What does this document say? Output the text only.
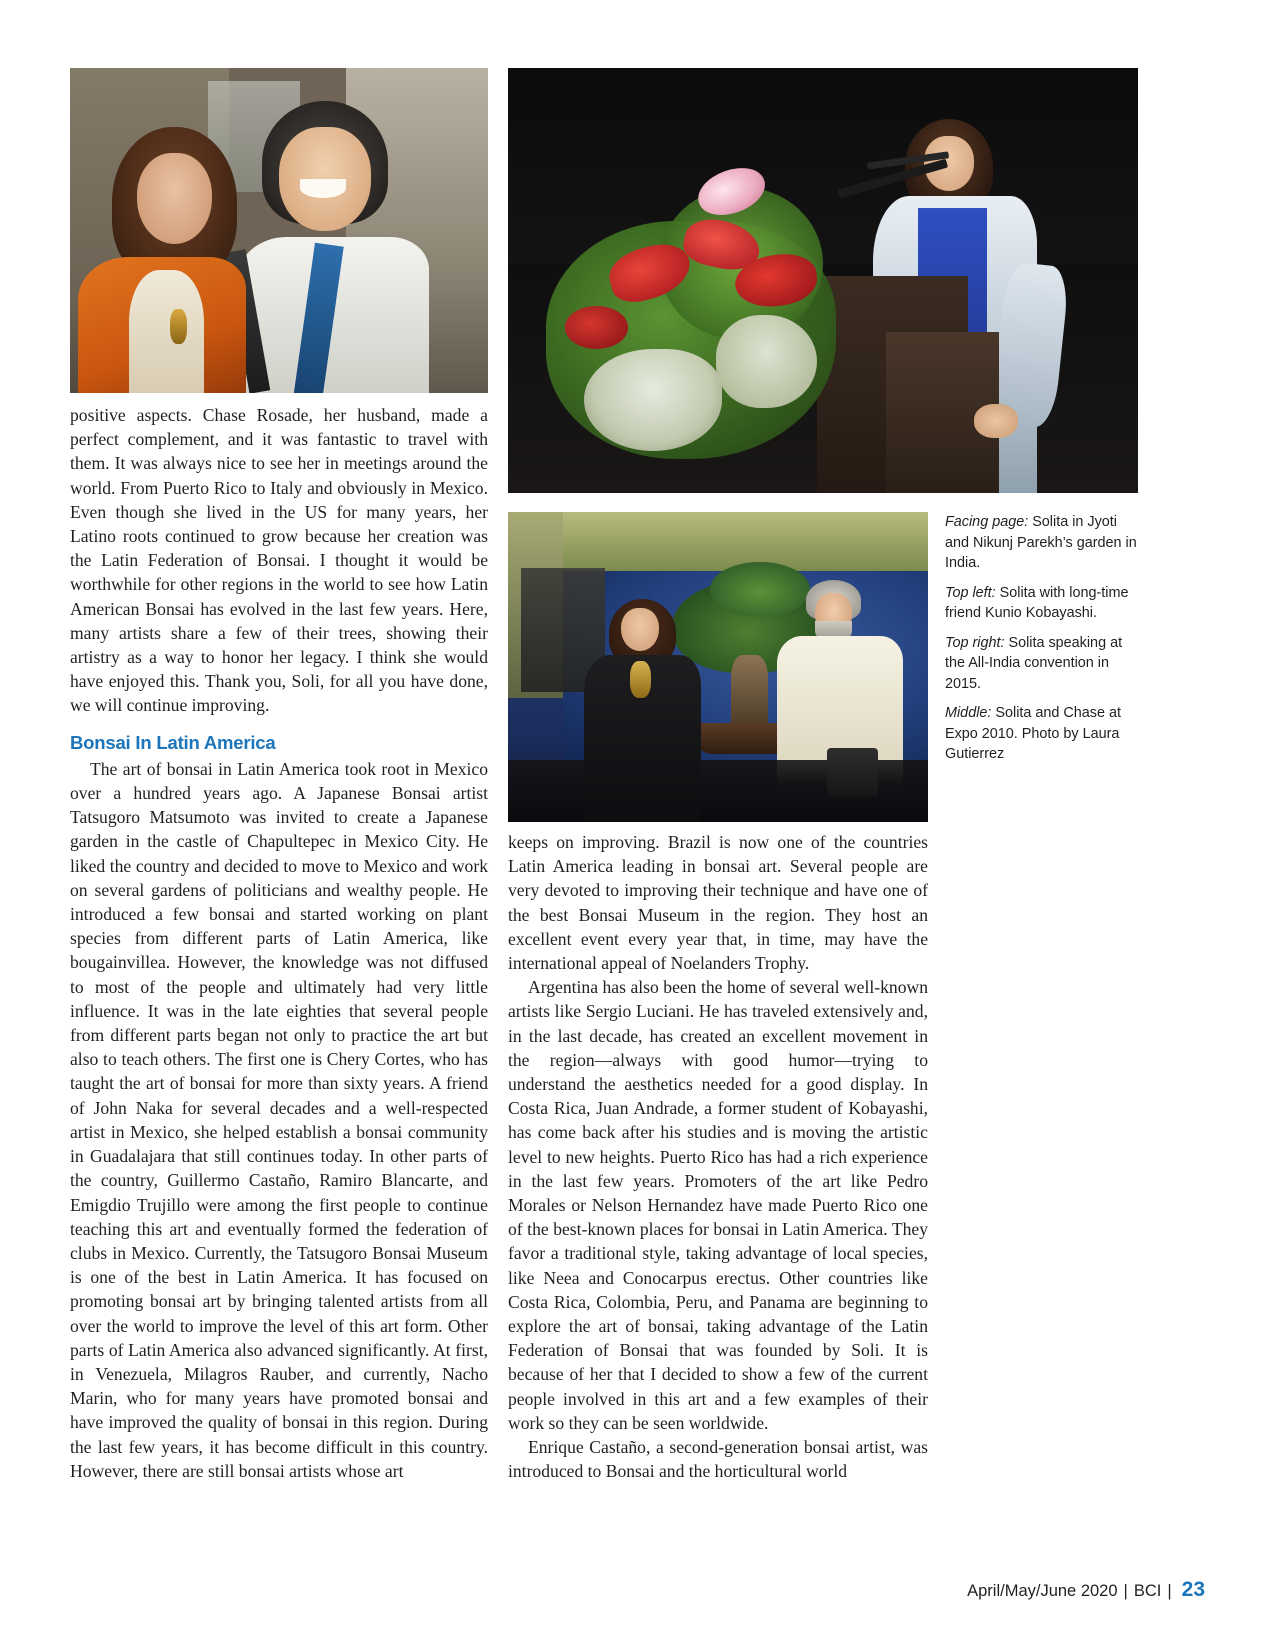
Facing page: Solita in Jyoti and Nikunj Parekh’s garden in India.

Top left: Solita with long-time friend Kunio Kobayashi.

Top right: Solita speaking at the All-India convention in 2015.

Middle: Solita and Chase at Expo 2010. Photo by Laura Gutierrez

positive aspects. Chase Rosade, her husband, made a perfect complement, and it was fantastic to travel with them. It was always nice to see her in meetings around the world. From Puerto Rico to Italy and obviously in Mexico. Even though she lived in the US for many years, her Latino roots continued to grow because her creation was the Latin Federation of Bonsai. I thought it would be worthwhile for other regions in the world to see how Latin American Bonsai has evolved in the last few years. Here, many artists share a few of their trees, showing their artistry as a way to honor her legacy. I think she would have enjoyed this. Thank you, Soli, for all you have done, we will continue improving.

Bonsai In Latin America

The art of bonsai in Latin America took root in Mexico over a hundred years ago. A Japanese Bonsai artist Tatsugoro Matsumoto was invited to create a Japanese garden in the castle of Chapultepec in Mexico City. He liked the country and decided to move to Mexico and work on several gardens of politicians and wealthy people. He introduced a few bonsai and started working on plant species from different parts of Latin America, like bougainvillea. However, the knowledge was not diffused to most of the people and ultimately had very little influence. It was in the late eighties that several people from different parts began not only to practice the art but also to teach others. The first one is Chery Cortes, who has taught the art of bonsai for more than sixty years. A friend of John Naka for several decades and a well-respected artist in Mexico, she helped establish a bonsai community in Guadalajara that still continues today. In other parts of the country, Guillermo Castaño, Ramiro Blancarte, and Emigdio Trujillo were among the first people to continue teaching this art and eventually formed the federation of clubs in Mexico. Currently, the Tatsugoro Bonsai Museum is one of the best in Latin America. It has focused on promoting bonsai art by bringing talented artists from all over the world to improve the level of this art form. Other parts of Latin America also advanced significantly. At first, in Venezuela, Milagros Rauber, and currently, Nacho Marin, who for many years have promoted bonsai and have improved the quality of bonsai in this region. During the last few years, it has become difficult in this country. However, there are still bonsai artists whose art

keeps on improving. Brazil is now one of the countries Latin America leading in bonsai art. Several people are very devoted to improving their technique and have one of the best Bonsai Museum in the region. They host an excellent event every year that, in time, may have the international appeal of Noelanders Trophy.

Argentina has also been the home of several well-known artists like Sergio Luciani. He has traveled extensively and, in the last decade, has created an excellent movement in the region—always with good humor—trying to understand the aesthetics needed for a good display. In Costa Rica, Juan Andrade, a former student of Kobayashi, has come back after his studies and is moving the artistic level to new heights. Puerto Rico has had a rich experience in the last few years. Promoters of the art like Pedro Morales or Nelson Hernandez have made Puerto Rico one of the best-known places for bonsai in Latin America. They favor a traditional style, taking advantage of local species, like Neea and Conocarpus erectus. Other countries like Costa Rica, Colombia, Peru, and Panama are beginning to explore the art of bonsai, taking advantage of the Latin Federation of Bonsai that was founded by Soli. It is because of her that I decided to show a few of the current people involved in this art and a few examples of their work so they can be seen worldwide.

Enrique Castaño, a second-generation bonsai artist, was introduced to Bonsai and the horticultural world

April/May/June 2020 | BCI | 23
